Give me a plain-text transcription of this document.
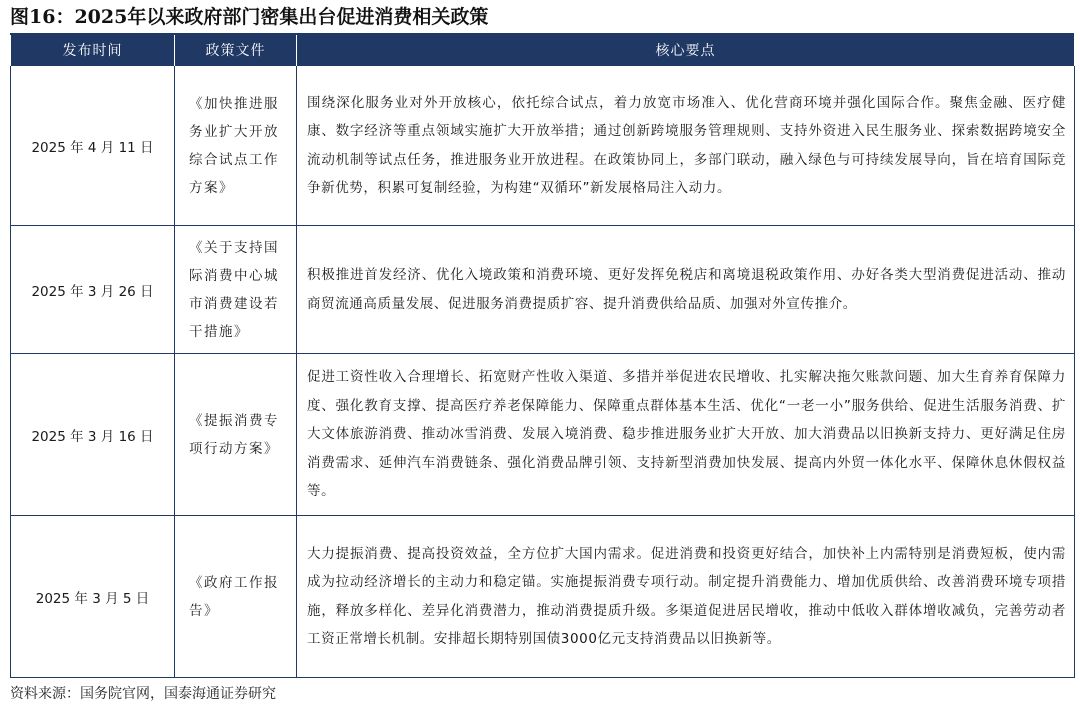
图16：2025年以来政府部门密集出台促进消费相关政策
发布时间	政策文件	核心要点
2025 年 4 月 11 日	《加快推进服务业扩大开放综合试点工作方案》	围绕深化服务业对外开放核心，依托综合试点，着力放宽市场准入、优化营商环境并强化国际合作。聚焦金融、医疗健康、数字经济等重点领域实施扩大开放举措；通过创新跨境服务管理规则、支持外资进入民生服务业、探索数据跨境安全流动机制等试点任务，推进服务业开放进程。在政策协同上，多部门联动，融入绿色与可持续发展导向，旨在培育国际竞争新优势，积累可复制经验，为构建“双循环”新发展格局注入动力。
2025 年 3 月 26 日	《关于支持国际消费中心城市消费建设若干措施》	积极推进首发经济、优化入境政策和消费环境、更好发挥免税店和离境退税政策作用、办好各类大型消费促进活动、推动商贸流通高质量发展、促进服务消费提质扩容、提升消费供给品质、加强对外宣传推介。
2025 年 3 月 16 日	《提振消费专项行动方案》	促进工资性收入合理增长、拓宽财产性收入渠道、多措并举促进农民增收、扎实解决拖欠账款问题、加大生育养育保障力度、强化教育支撑、提高医疗养老保障能力、保障重点群体基本生活、优化“一老一小”服务供给、促进生活服务消费、扩大文体旅游消费、推动冰雪消费、发展入境消费、稳步推进服务业扩大开放、加大消费品以旧换新支持力、更好满足住房消费需求、延伸汽车消费链条、强化消费品牌引领、支持新型消费加快发展、提高内外贸一体化水平、保障休息休假权益等。
2025 年 3 月 5 日	《政府工作报告》	大力提振消费、提高投资效益，全方位扩大国内需求。促进消费和投资更好结合，加快补上内需特别是消费短板，使内需成为拉动经济增长的主动力和稳定锚。实施提振消费专项行动。制定提升消费能力、增加优质供给、改善消费环境专项措施，释放多样化、差异化消费潜力，推动消费提质升级。多渠道促进居民增收，推动中低收入群体增收减负，完善劳动者工资正常增长机制。安排超长期特别国债3000亿元支持消费品以旧换新等。
资料来源：国务院官网，国泰海通证券研究
